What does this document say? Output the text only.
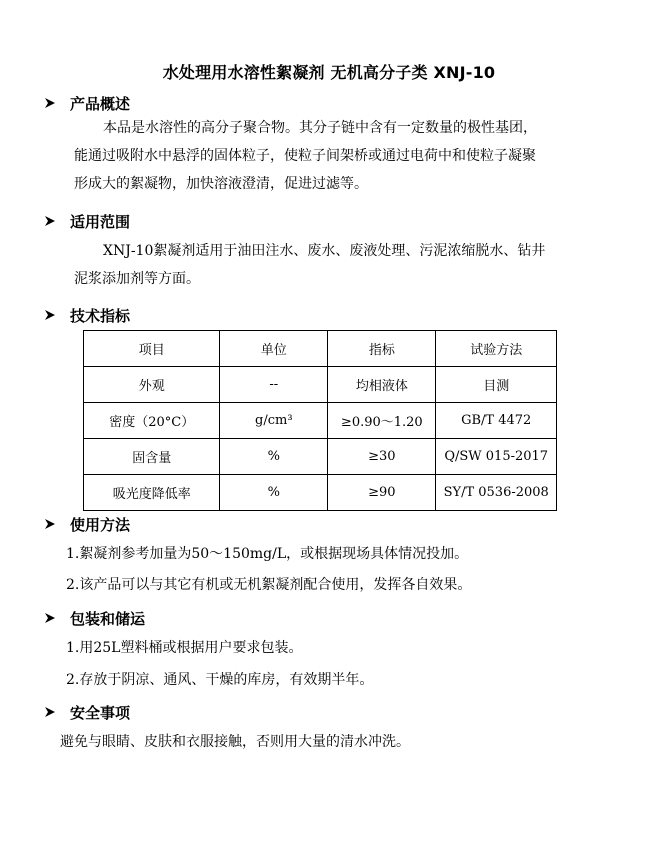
水处理用水溶性絮凝剂 无机高分子类 XNJ-10
产品概述
本品是水溶性的高分子聚合物。其分子链中含有一定数量的极性基团，
能通过吸附水中悬浮的固体粒子，使粒子间架桥或通过电荷中和使粒子凝聚
形成大的絮凝物，加快溶液澄清，促进过滤等。
适用范围
XNJ-10絮凝剂适用于油田注水、废水、废液处理、污泥浓缩脱水、钻井
泥浆添加剂等方面。
技术指标
项目	单位	指标	试验方法
外观	--	均相液体	目测
密度（20°C）	g/cm³	≥0.90～1.20	GB/T 4472
固含量	%	≥30	Q/SW 015-2017
吸光度降低率	%	≥90	SY/T 0536-2008
使用方法
1.絮凝剂参考加量为50～150mg/L，或根据现场具体情况投加。
2.该产品可以与其它有机或无机絮凝剂配合使用，发挥各自效果。
包装和储运
1.用25L塑料桶或根据用户要求包装。
2.存放于阴凉、通风、干燥的库房，有效期半年。
安全事项
避免与眼睛、皮肤和衣服接触，否则用大量的清水冲洗。
